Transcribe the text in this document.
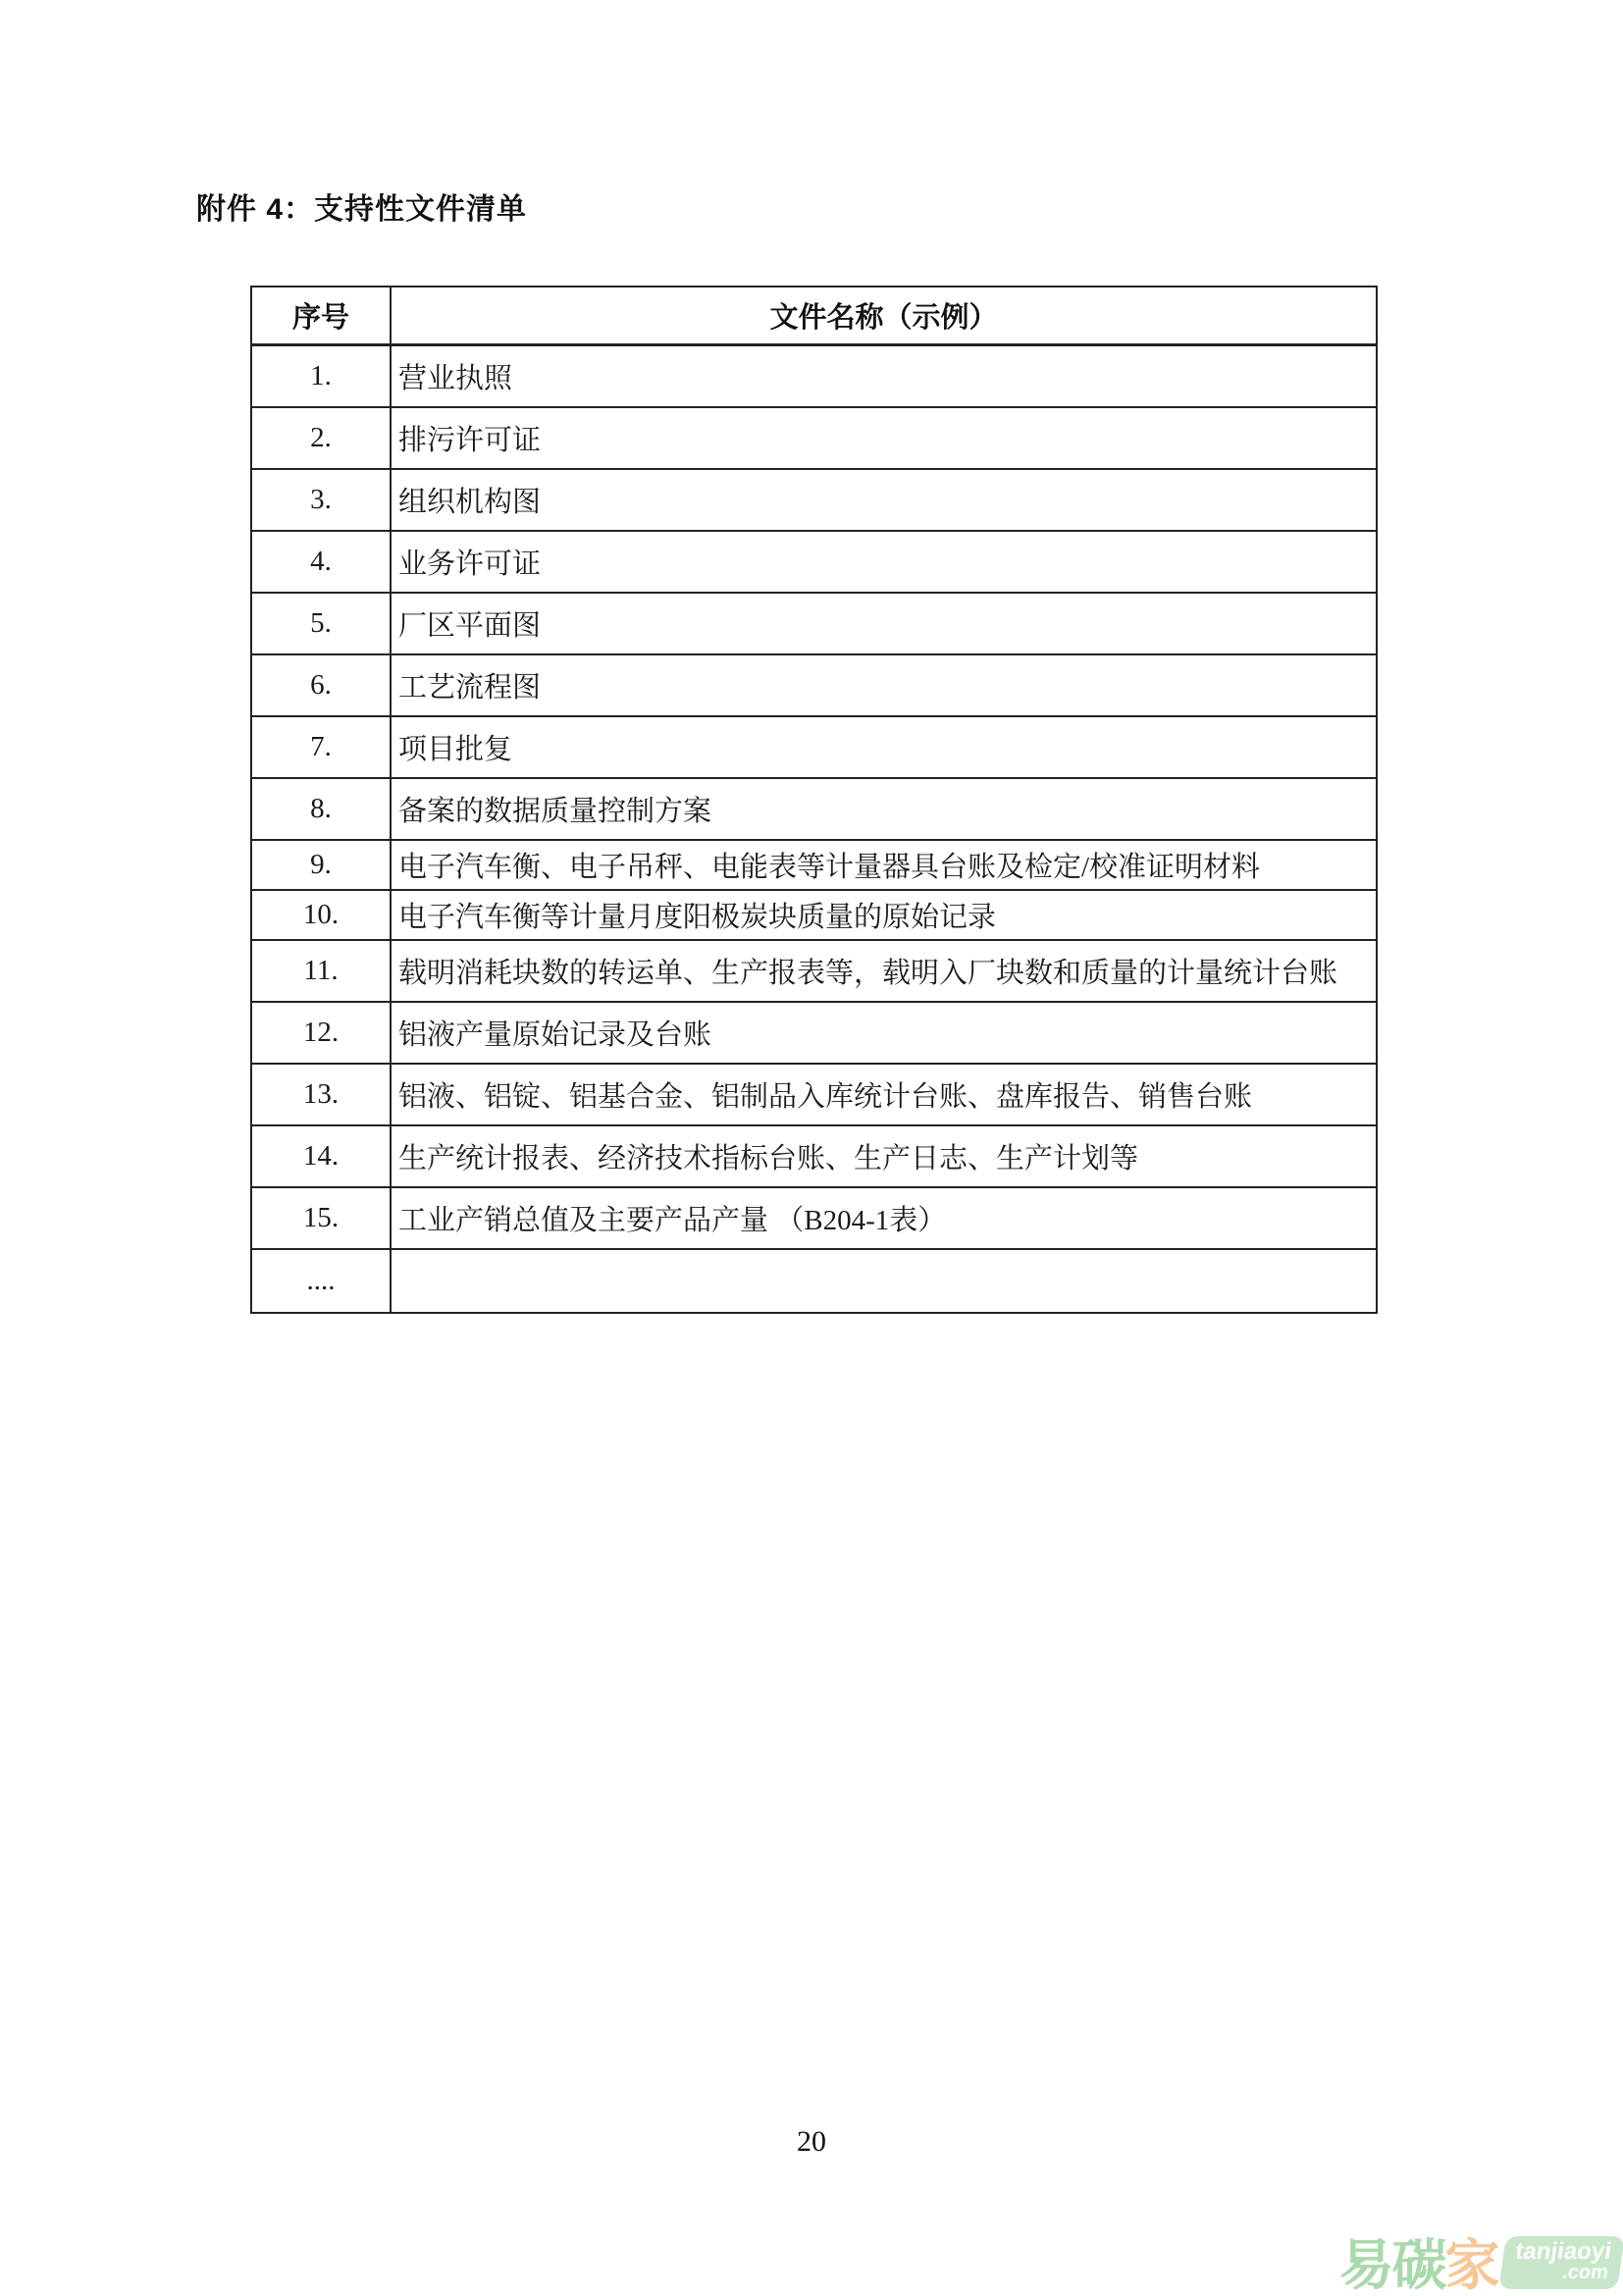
附件 4：支持性文件清单
序号	文件名称（示例）
1.	营业执照
2.	排污许可证
3.	组织机构图
4.	业务许可证
5.	厂区平面图
6.	工艺流程图
7.	项目批复
8.	备案的数据质量控制方案
9.	电子汽车衡、电子吊秤、电能表等计量器具台账及检定/校准证明材料
10.	电子汽车衡等计量月度阳极炭块质量的原始记录
11.	载明消耗块数的转运单、生产报表等，载明入厂块数和质量的计量统计台账
12.	铝液产量原始记录及台账
13.	铝液、铝锭、铝基合金、铝制品入库统计台账、盘库报告、销售台账
14.	生产统计报表、经济技术指标台账、生产日志、生产计划等
15.	工业产销总值及主要产品产量 （B204-1表）
....	
20
易碳 家 tanjiaoyi
.com
